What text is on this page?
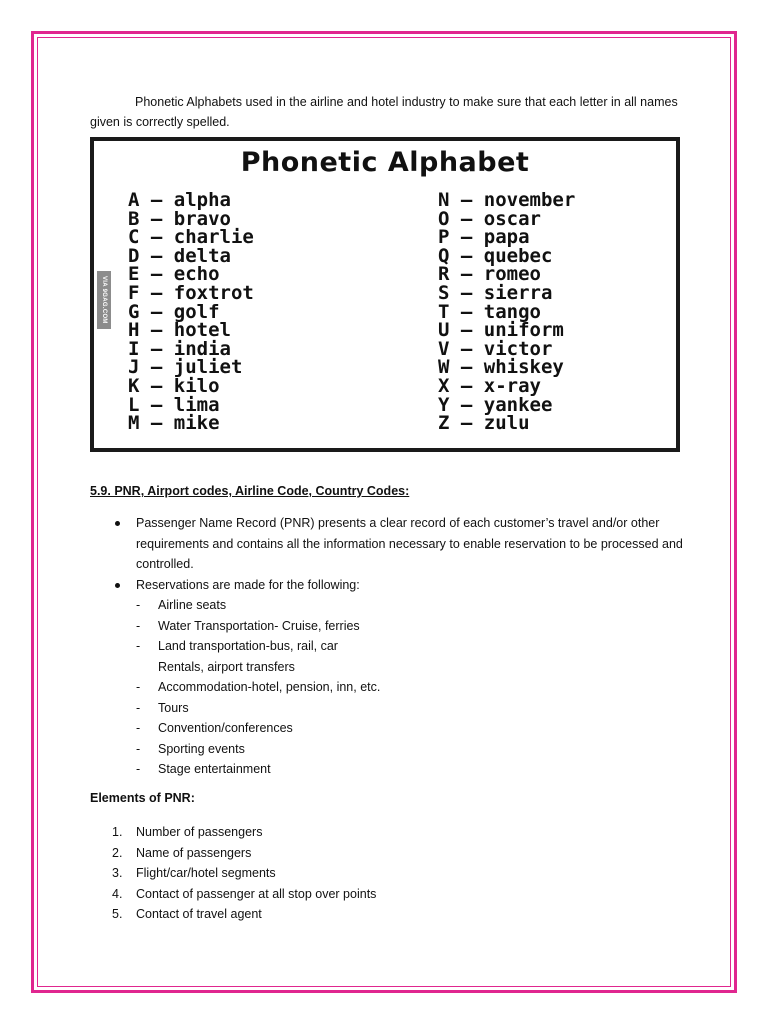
Phonetic Alphabets used in the airline and hotel industry to make sure that each letter in all names given is correctly spelled.

Phonetic Alphabet
VIA 9GAG.COM
A – alpha
B – bravo
C – charlie
D – delta
E – echo
F – foxtrot
G – golf
H – hotel
I – india
J – juliet
K – kilo
L – lima
M – mike
N – november
O – oscar
P – papa
Q – quebec
R – romeo
S – sierra
T – tango
U – uniform
V – victor
W – whiskey
X – x-ray
Y – yankee
Z – zulu
5.9. PNR, Airport codes, Airline Code, Country Codes:
Passenger Name Record (PNR) presents a clear record of each customer’s travel and/or other requirements and contains all the information necessary to enable reservation to be processed and controlled.
Reservations are made for the following:
- Airline seats
- Water Transportation- Cruise, ferries
- Land transportation-bus, rail, car
Rentals, airport transfers
- Accommodation-hotel, pension, inn, etc.
- Tours
- Convention/conferences
- Sporting events
- Stage entertainment
Elements of PNR:
1. Number of passengers
2. Name of passengers
3. Flight/car/hotel segments
4. Contact of passenger at all stop over points
5. Contact of travel agent
